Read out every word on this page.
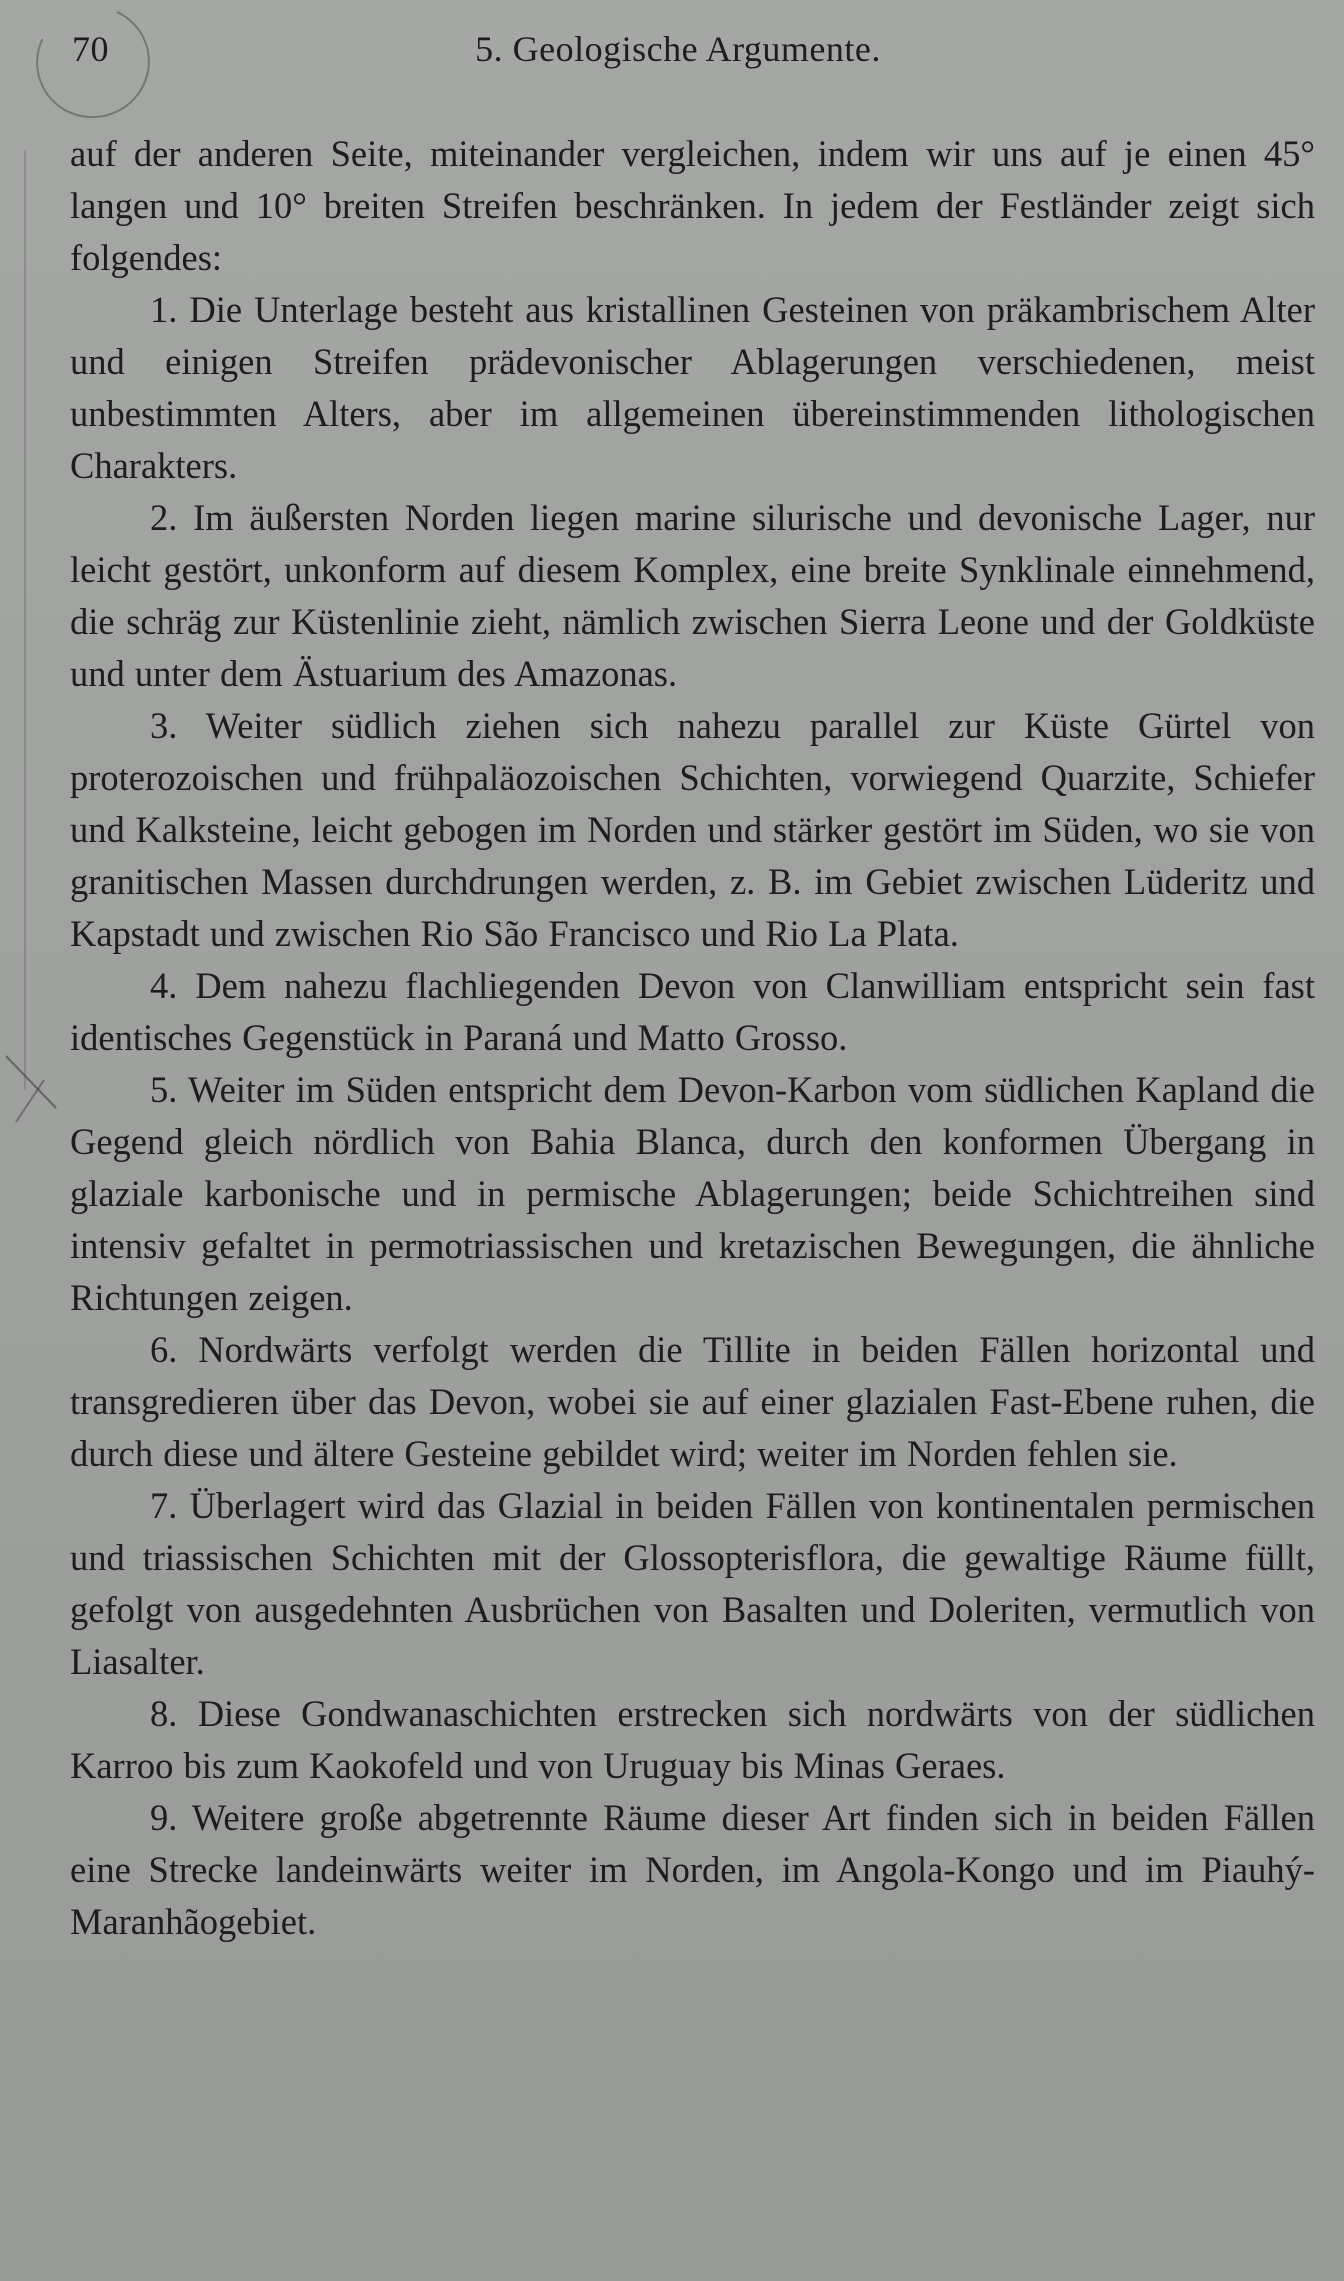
70	5. Geologische Argumente.

auf der anderen Seite, miteinander vergleichen, indem wir uns auf je einen 45° langen und 10° breiten Streifen beschränken. In jedem der Festländer zeigt sich folgendes:

1. Die Unterlage besteht aus kristallinen Gesteinen von präkambrischem Alter und einigen Streifen prädevonischer Ablagerungen verschiedenen, meist unbestimmten Alters, aber im allgemeinen übereinstimmenden lithologischen Charakters.

2. Im äußersten Norden liegen marine silurische und devonische Lager, nur leicht gestört, unkonform auf diesem Komplex, eine breite Synklinale einnehmend, die schräg zur Küstenlinie zieht, nämlich zwischen Sierra Leone und der Goldküste und unter dem Ästuarium des Amazonas.

3. Weiter südlich ziehen sich nahezu parallel zur Küste Gürtel von proterozoischen und frühpaläozoischen Schichten, vorwiegend Quarzite, Schiefer und Kalksteine, leicht gebogen im Norden und stärker gestört im Süden, wo sie von granitischen Massen durchdrungen werden, z. B. im Gebiet zwischen Lüderitz und Kapstadt und zwischen Rio São Francisco und Rio La Plata.

4. Dem nahezu flachliegenden Devon von Clanwilliam entspricht sein fast identisches Gegenstück in Paraná und Matto Grosso.

5. Weiter im Süden entspricht dem Devon-Karbon vom südlichen Kapland die Gegend gleich nördlich von Bahia Blanca, durch den konformen Übergang in glaziale karbonische und in permische Ablagerungen; beide Schichtreihen sind intensiv gefaltet in permotriassischen und kretazischen Bewegungen, die ähnliche Richtungen zeigen.

6. Nordwärts verfolgt werden die Tillite in beiden Fällen horizontal und transgredieren über das Devon, wobei sie auf einer glazialen Fast-Ebene ruhen, die durch diese und ältere Gesteine gebildet wird; weiter im Norden fehlen sie.

7. Überlagert wird das Glazial in beiden Fällen von kontinentalen permischen und triassischen Schichten mit der Glossopterisflora, die gewaltige Räume füllt, gefolgt von ausgedehnten Ausbrüchen von Basalten und Doleriten, vermutlich von Liasalter.

8. Diese Gondwanaschichten erstrecken sich nordwärts von der südlichen Karroo bis zum Kaokofeld und von Uruguay bis Minas Geraes.

9. Weitere große abgetrennte Räume dieser Art finden sich in beiden Fällen eine Strecke landeinwärts weiter im Norden, im Angola-Kongo und im Piauhý-Maranhãogebiet.
